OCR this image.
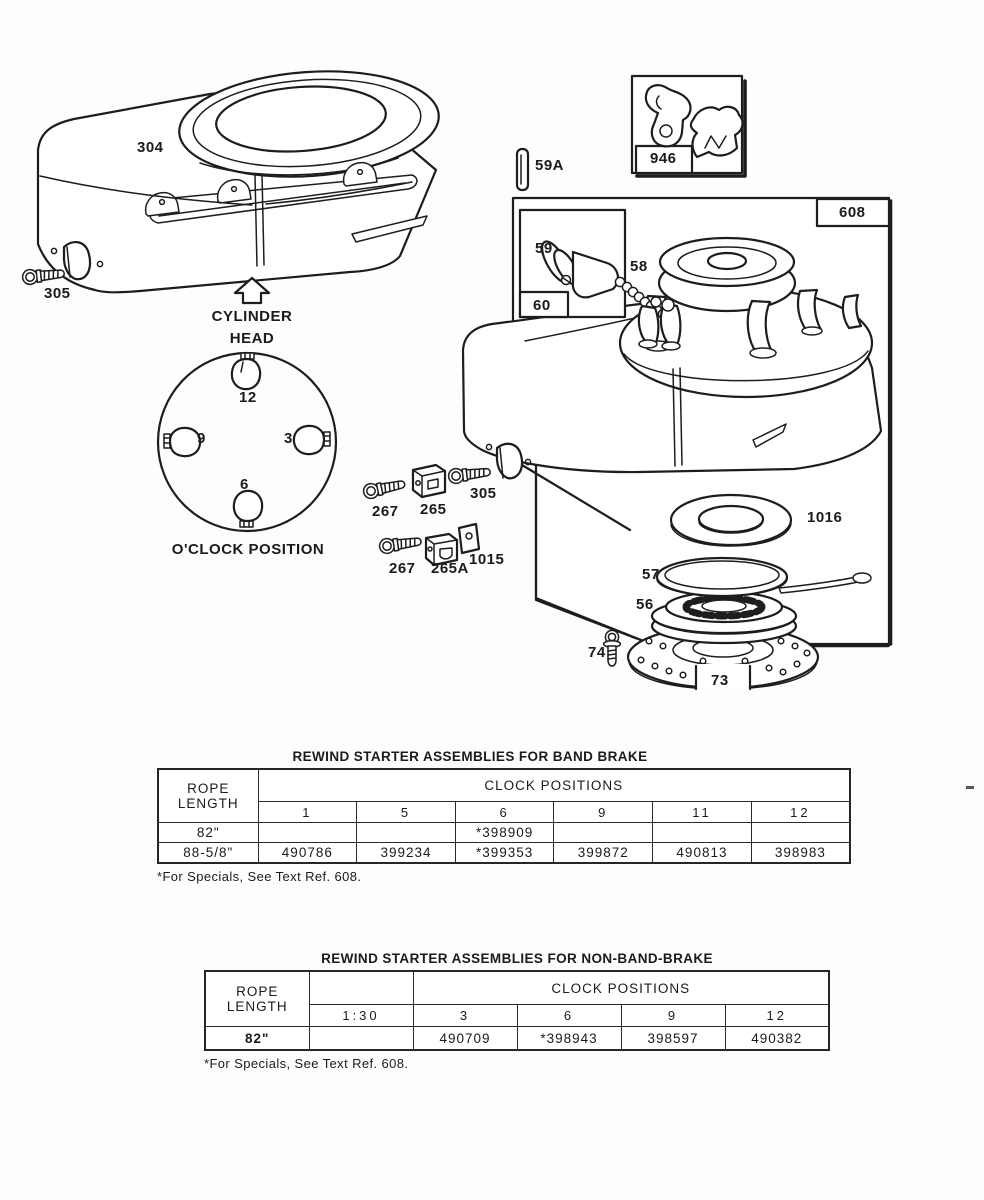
304
305
CYLINDER HEAD
12
9	3
6
O'CLOCK POSITION
946
59A
608
59
58
60
305
267 265
267 265A
1015
1016
57
56
74
73
REWIND STARTER ASSEMBLIES FOR BAND BRAKE
ROPE LENGTH	CLOCK POSITIONS					
	1	5	6	9	11	12
82"			*398909			
88-5/8"	490786	399234	*399353	399872	490813	398983
*For Specials, See Text Ref. 608.
REWIND STARTER ASSEMBLIES FOR NON-BAND-BRAKE
ROPE LENGTH		CLOCK POSITIONS			
	1:30	3	6	9	12
82"		490709	*398943	398597	490382
*For Specials, See Text Ref. 608.
